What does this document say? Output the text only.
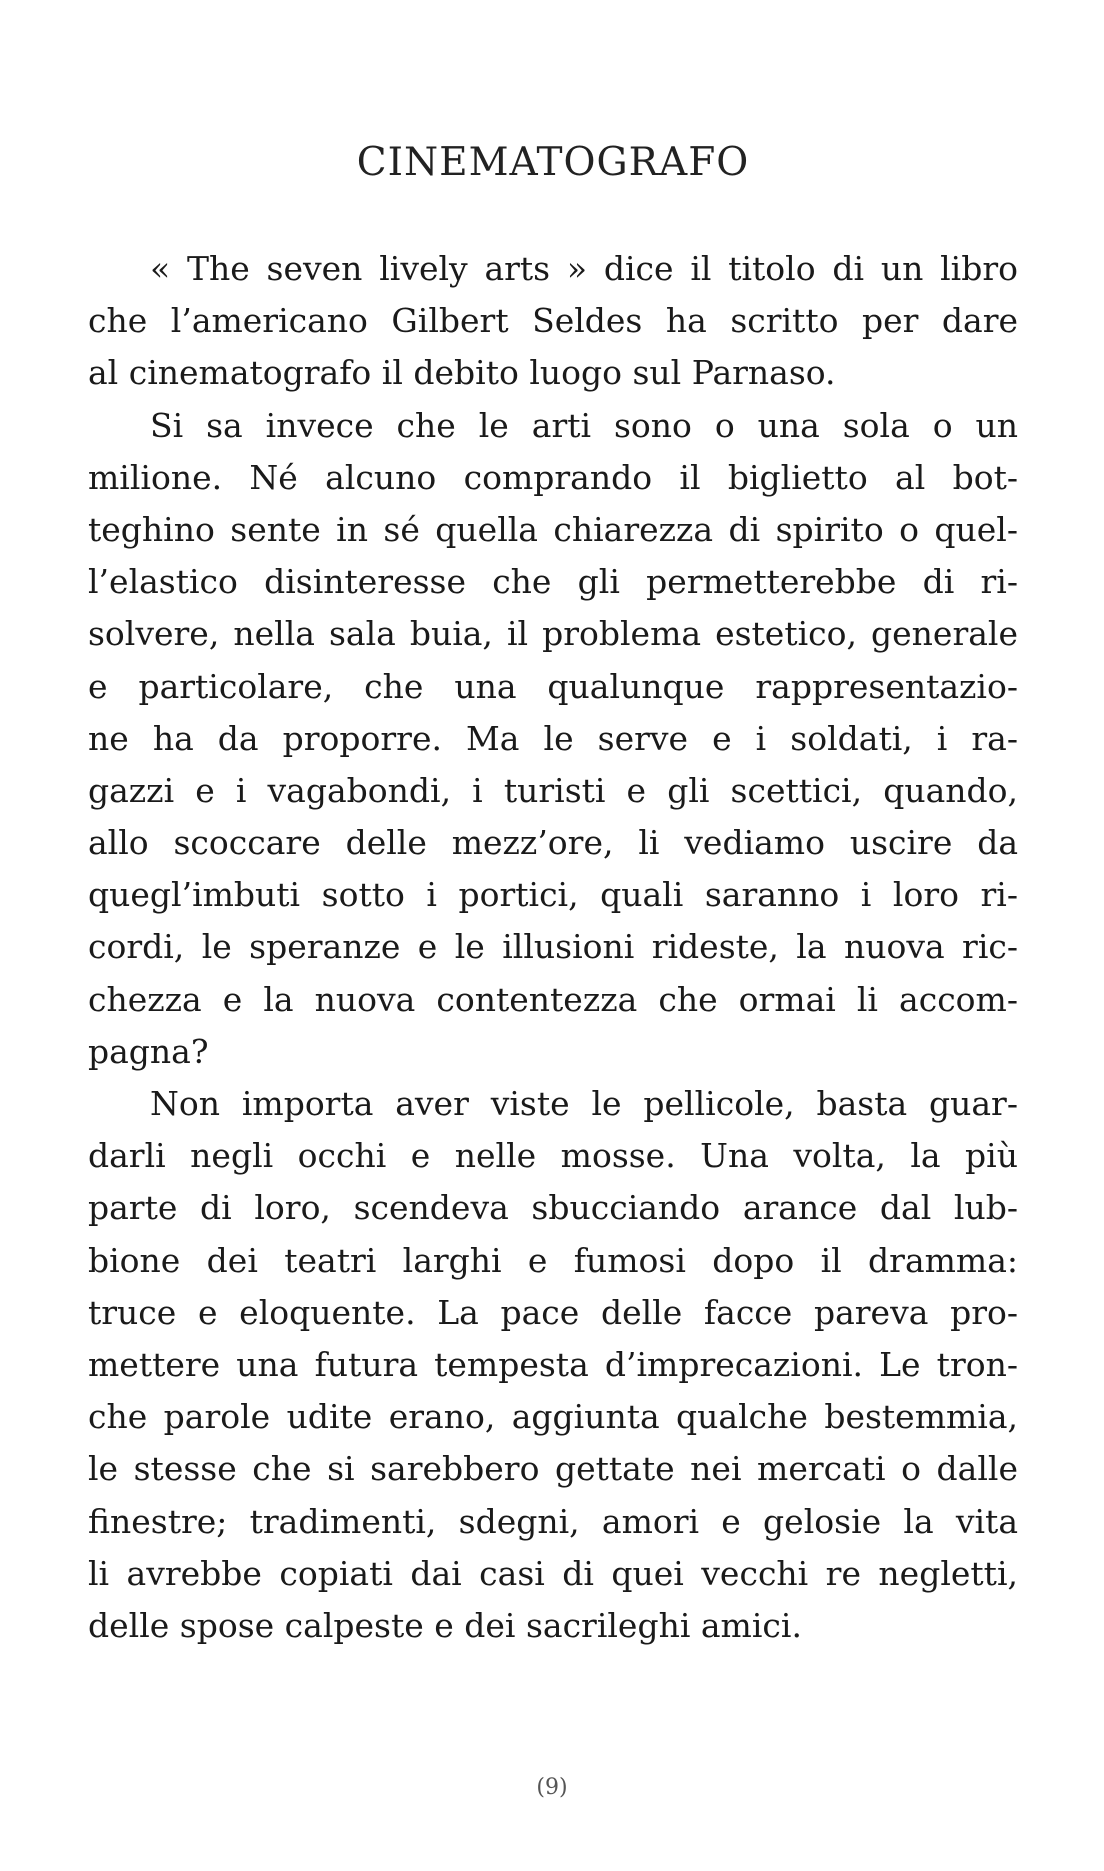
CINEMATOGRAFO
« The seven lively arts » dice il titolo di un libro
che l’americano Gilbert Seldes ha scritto per dare
al cinematografo il debito luogo sul Parnaso.
Si sa invece che le arti sono o una sola o un
milione. Né alcuno comprando il biglietto al bot-
teghino sente in sé quella chiarezza di spirito o quel-
l’elastico disinteresse che gli permetterebbe di ri-
solvere, nella sala buia, il problema estetico, generale
e particolare, che una qualunque rappresentazio-
ne ha da proporre. Ma le serve e i soldati, i ra-
gazzi e i vagabondi, i turisti e gli scettici, quando,
allo scoccare delle mezz’ore, li vediamo uscire da
quegl’imbuti sotto i portici, quali saranno i loro ri-
cordi, le speranze e le illusioni rideste, la nuova ric-
chezza e la nuova contentezza che ormai li accom-
pagna?
Non importa aver viste le pellicole, basta guar-
darli negli occhi e nelle mosse. Una volta, la più
parte di loro, scendeva sbucciando arance dal lub-
bione dei teatri larghi e fumosi dopo il dramma:
truce e eloquente. La pace delle facce pareva pro-
mettere una futura tempesta d’imprecazioni. Le tron-
che parole udite erano, aggiunta qualche bestemmia,
le stesse che si sarebbero gettate nei mercati o dalle
finestre; tradimenti, sdegni, amori e gelosie la vita
li avrebbe copiati dai casi di quei vecchi re negletti,
delle spose calpeste e dei sacrileghi amici.
(9)
